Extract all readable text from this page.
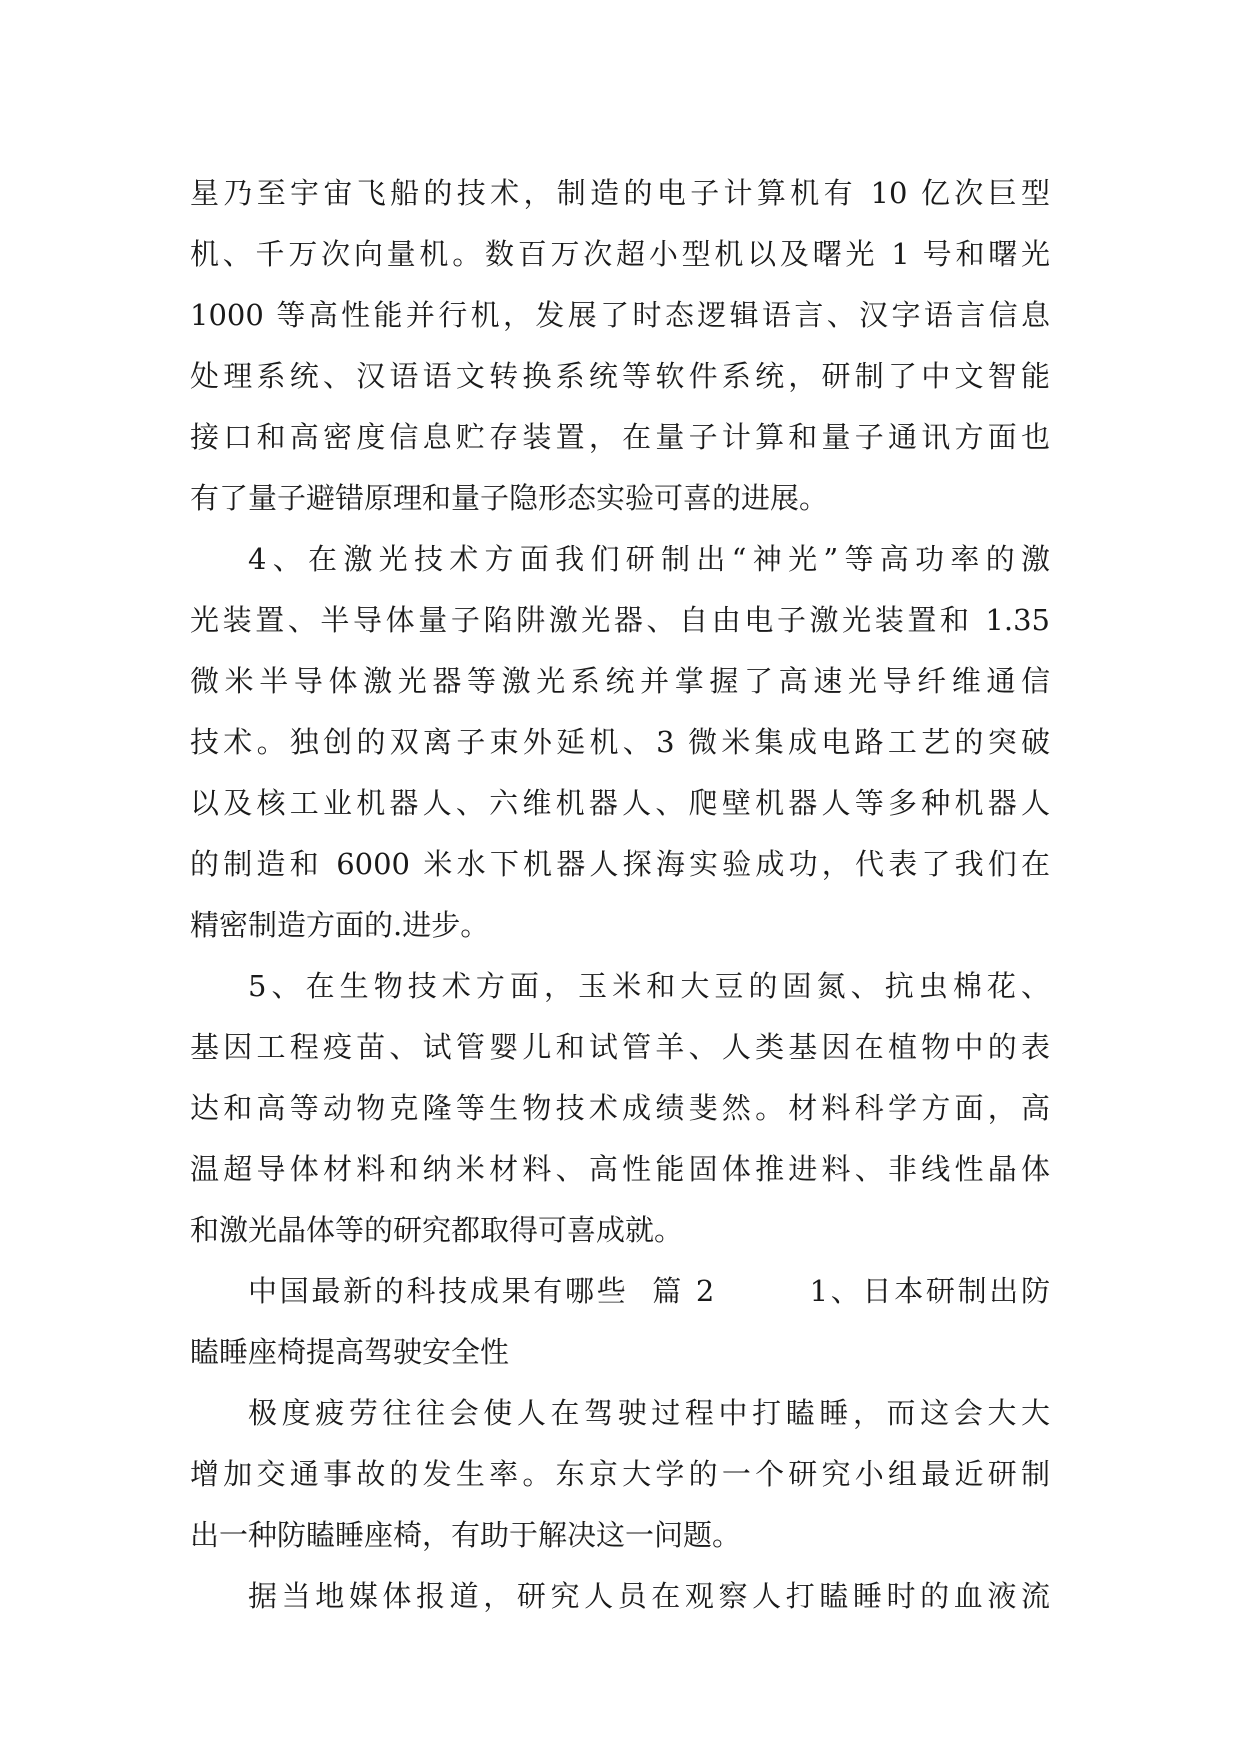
星乃至宇宙飞船的技术，制造的电子计算机有 10 亿次巨型
机、千万次向量机。数百万次超小型机以及曙光 1 号和曙光
1000 等高性能并行机，发展了时态逻辑语言、汉字语言信息
处理系统、汉语语文转换系统等软件系统，研制了中文智能
接口和高密度信息贮存装置，在量子计算和量子通讯方面也
有了量子避错原理和量子隐形态实验可喜的进展。
4、在激光技术方面我们研制出“神光”等高功率的激
光装置、半导体量子陷阱激光器、自由电子激光装置和 1.35
微米半导体激光器等激光系统并掌握了高速光导纤维通信
技术。独创的双离子束外延机、3 微米集成电路工艺的突破
以及核工业机器人、六维机器人、爬壁机器人等多种机器人
的制造和 6000 米水下机器人探海实验成功，代表了我们在
精密制造方面的.进步。
5、在生物技术方面，玉米和大豆的固氮、抗虫棉花、
基因工程疫苗、试管婴儿和试管羊、人类基因在植物中的表
达和高等动物克隆等生物技术成绩斐然。材料科学方面，高
温超导体材料和纳米材料、高性能固体推进料、非线性晶体
和激光晶体等的研究都取得可喜成就。
中国最新的科技成果有哪些  篇 2        1、日本研制出防
瞌睡座椅提高驾驶安全性
极度疲劳往往会使人在驾驶过程中打瞌睡，而这会大大
增加交通事故的发生率。东京大学的一个研究小组最近研制
出一种防瞌睡座椅，有助于解决这一问题。
据当地媒体报道，研究人员在观察人打瞌睡时的血液流
